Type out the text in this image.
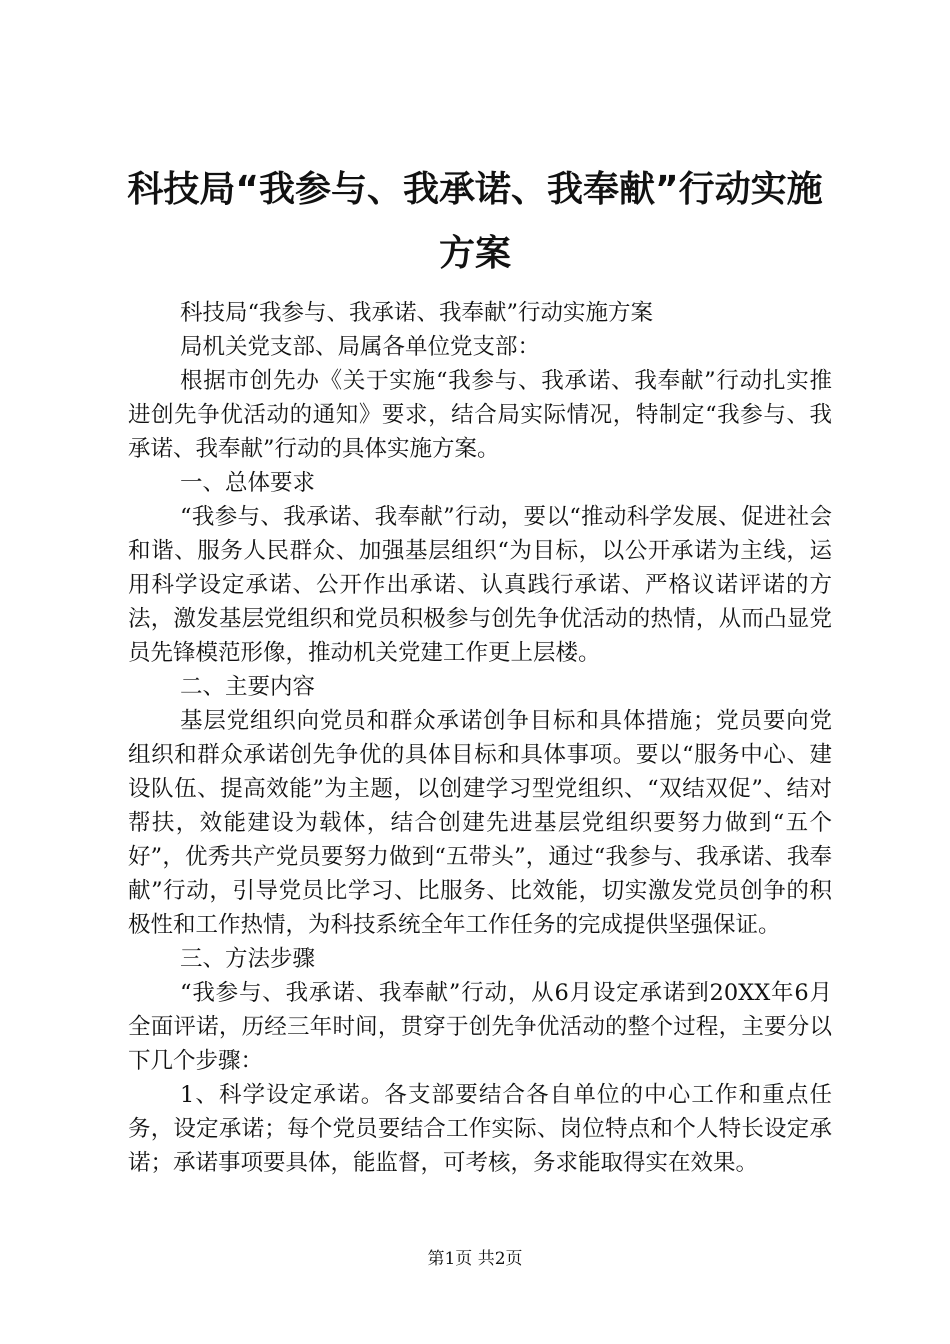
科技局“我参与、我承诺、我奉献”行动实施方案

科技局“我参与、我承诺、我奉献”行动实施方案

局机关党支部、局属各单位党支部：

根据市创先办《关于实施“我参与、我承诺、我奉献”行动扎实推进创先争优活动的通知》要求，结合局实际情况，特制定“我参与、我承诺、我奉献”行动的具体实施方案。

一、总体要求

“我参与、我承诺、我奉献”行动，要以“推动科学发展、促进社会和谐、服务人民群众、加强基层组织“为目标，以公开承诺为主线，运用科学设定承诺、公开作出承诺、认真践行承诺、严格议诺评诺的方法，激发基层党组织和党员积极参与创先争优活动的热情，从而凸显党员先锋模范形像，推动机关党建工作更上层楼。

二、主要内容

基层党组织向党员和群众承诺创争目标和具体措施；党员要向党组织和群众承诺创先争优的具体目标和具体事项。要以“服务中心、建设队伍、提高效能”为主题，以创建学习型党组织、“双结双促”、结对帮扶，效能建设为载体，结合创建先进基层党组织要努力做到“五个好”，优秀共产党员要努力做到“五带头”，通过“我参与、我承诺、我奉献”行动，引导党员比学习、比服务、比效能，切实激发党员创争的积极性和工作热情，为科技系统全年工作任务的完成提供坚强保证。

三、方法步骤

“我参与、我承诺、我奉献”行动，从6月设定承诺到20XX年6月全面评诺，历经三年时间，贯穿于创先争优活动的整个过程，主要分以下几个步骤：

1、科学设定承诺。各支部要结合各自单位的中心工作和重点任务，设定承诺；每个党员要结合工作实际、岗位特点和个人特长设定承诺；承诺事项要具体，能监督，可考核，务求能取得实在效果。

第1页 共2页
